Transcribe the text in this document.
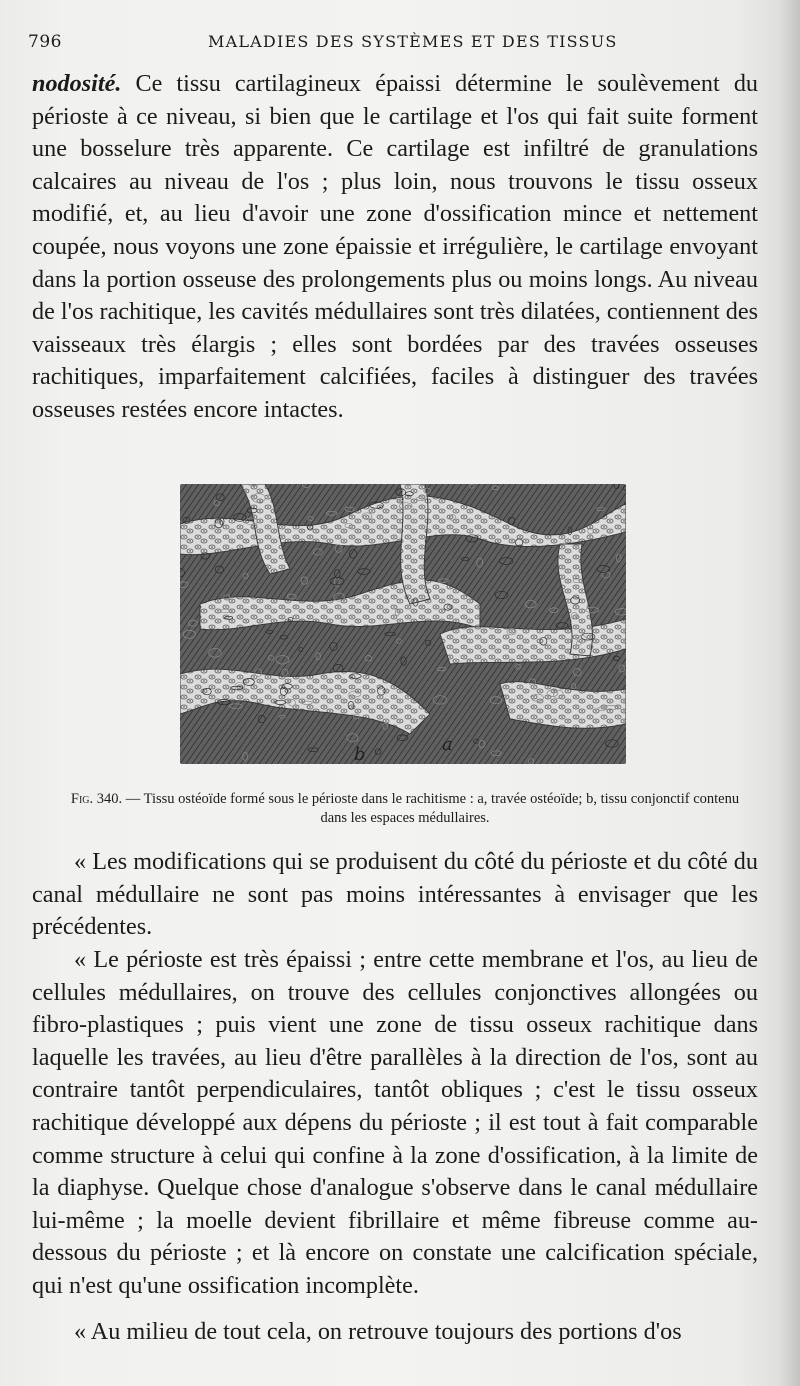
796	MALADIES DES SYSTÈMES ET DES TISSUS

nodosité. Ce tissu cartilagineux épaissi détermine le soulèvement du périoste à ce niveau, si bien que le cartilage et l'os qui fait suite forment une bosselure très apparente. Ce cartilage est infiltré de granulations calcaires au niveau de l'os ; plus loin, nous trouvons le tissu osseux modifié, et, au lieu d'avoir une zone d'ossification mince et nettement coupée, nous voyons une zone épaissie et irrégulière, le cartilage envoyant dans la portion osseuse des prolongements plus ou moins longs. Au niveau de l'os rachitique, les cavités médullaires sont très dilatées, contiennent des vaisseaux très élargis ; elles sont bordées par des travées osseuses rachitiques, imparfaitement calcifiées, faciles à distinguer des travées osseuses restées encore intactes.

b	a
Fig. 340. — Tissu ostéoïde formé sous le périoste dans le rachitisme : a, travée ostéoïde; b, tissu conjonctif contenu dans les espaces médullaires.

« Les modifications qui se produisent du côté du périoste et du côté du canal médullaire ne sont pas moins intéressantes à envisager que les précédentes.

« Le périoste est très épaissi ; entre cette membrane et l'os, au lieu de cellules médullaires, on trouve des cellules conjonctives allongées ou fibro-plastiques ; puis vient une zone de tissu osseux rachitique dans laquelle les travées, au lieu d'être parallèles à la direction de l'os, sont au contraire tantôt perpendiculaires, tantôt obliques ; c'est le tissu osseux rachitique développé aux dépens du périoste ; il est tout à fait comparable comme structure à celui qui confine à la zone d'ossification, à la limite de la diaphyse. Quelque chose d'analogue s'observe dans le canal médullaire lui-même ; la moelle devient fibrillaire et même fibreuse comme au-dessous du périoste ; et là encore on constate une calcification spéciale, qui n'est qu'une ossification incomplète.

« Au milieu de tout cela, on retrouve toujours des portions d'os
